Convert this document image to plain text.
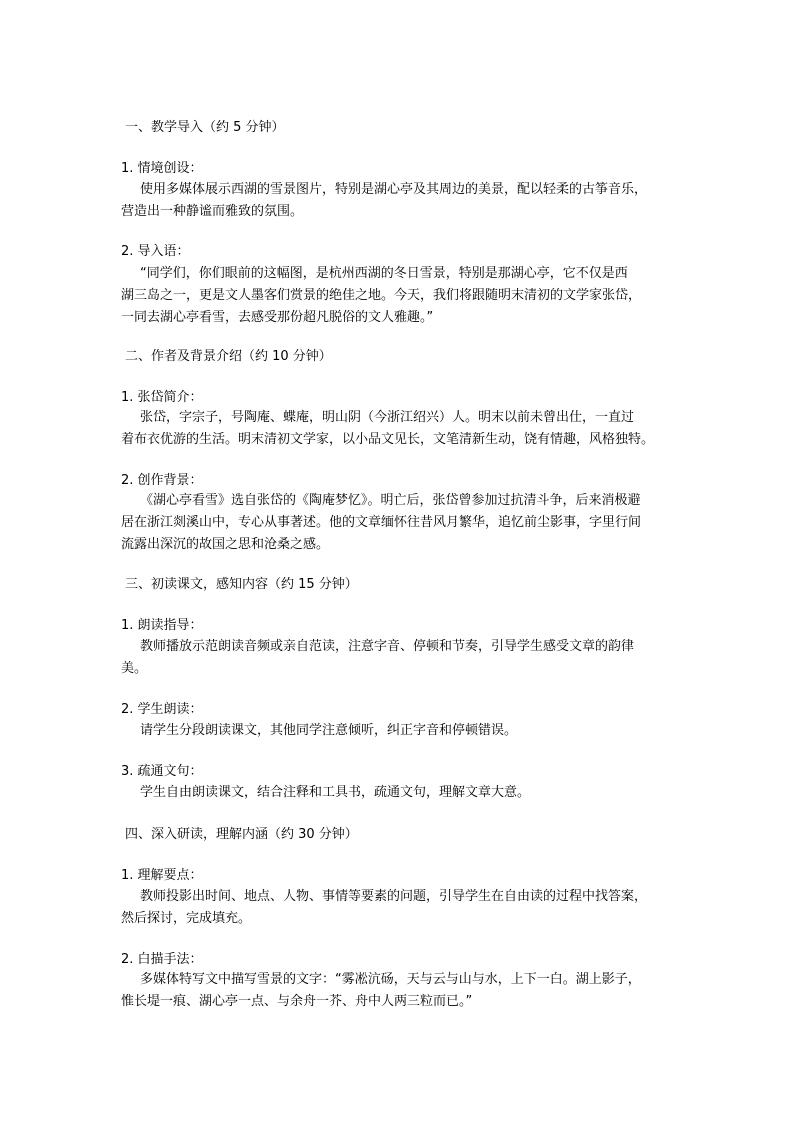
一、教学导入（约 5 分钟）
1. 情境创设：
使用多媒体展示西湖的雪景图片，特别是湖心亭及其周边的美景，配以轻柔的古筝音乐，
营造出一种静谧而雅致的氛围。
2. 导入语：
“同学们，你们眼前的这幅图，是杭州西湖的冬日雪景，特别是那湖心亭，它不仅是西
湖三岛之一，更是文人墨客们赏景的绝佳之地。今天，我们将跟随明末清初的文学家张岱，
一同去湖心亭看雪，去感受那份超凡脱俗的文人雅趣。”
二、作者及背景介绍（约 10 分钟）
1. 张岱简介：
张岱，字宗子，号陶庵、蝶庵，明山阴（今浙江绍兴）人。明末以前未曾出仕，一直过
着布衣优游的生活。明末清初文学家，以小品文见长，文笔清新生动，饶有情趣，风格独特。
2. 创作背景：
《湖心亭看雪》选自张岱的《陶庵梦忆》。明亡后，张岱曾参加过抗清斗争，后来消极避
居在浙江剡溪山中，专心从事著述。他的文章缅怀往昔风月繁华，追忆前尘影事，字里行间
流露出深沉的故国之思和沧桑之感。
三、初读课文，感知内容（约 15 分钟）
1. 朗读指导：
教师播放示范朗读音频或亲自范读，注意字音、停顿和节奏，引导学生感受文章的韵律
美。
2. 学生朗读：
请学生分段朗读课文，其他同学注意倾听，纠正字音和停顿错误。
3. 疏通文句：
学生自由朗读课文，结合注释和工具书，疏通文句，理解文章大意。
四、深入研读，理解内涵（约 30 分钟）
1. 理解要点：
教师投影出时间、地点、人物、事情等要素的问题，引导学生在自由读的过程中找答案，
然后探讨，完成填充。
2. 白描手法：
多媒体特写文中描写雪景的文字：“雾凇沆砀，天与云与山与水，上下一白。湖上影子，
惟长堤一痕、湖心亭一点、与余舟一芥、舟中人两三粒而已。”
